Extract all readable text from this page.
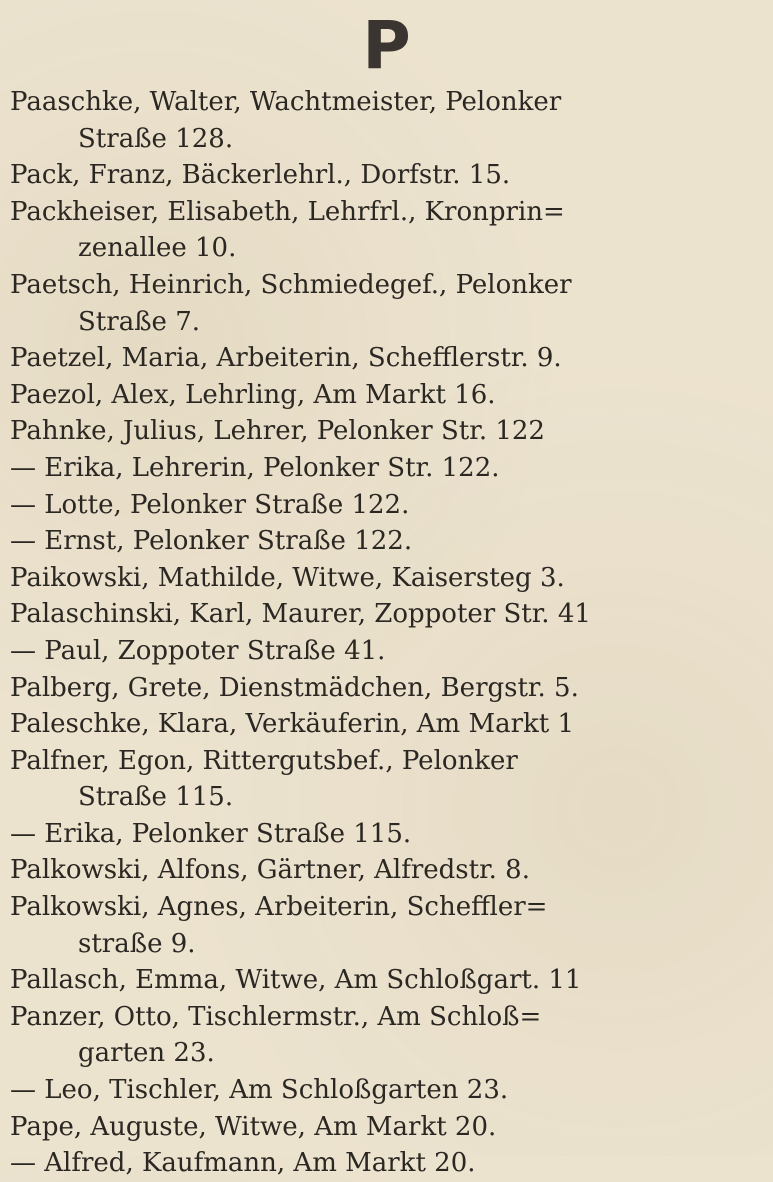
P
Paaschke, Walter, Wachtmeister, Pelonker
Straße 128.
Pack, Franz, Bäckerlehrl., Dorfstr. 15.
Packheiser, Elisabeth, Lehrfrl., Kronprin=
zenallee 10.
Paetsch, Heinrich, Schmiedegef., Pelonker
Straße 7.
Paetzel, Maria, Arbeiterin, Schefflerstr. 9.
Paezol, Alex, Lehrling, Am Markt 16.
Pahnke, Julius, Lehrer, Pelonker Str. 122
— Erika, Lehrerin, Pelonker Str. 122.
— Lotte, Pelonker Straße 122.
— Ernst, Pelonker Straße 122.
Paikowski, Mathilde, Witwe, Kaisersteg 3.
Palaschinski, Karl, Maurer, Zoppoter Str. 41
— Paul, Zoppoter Straße 41.
Palberg, Grete, Dienstmädchen, Bergstr. 5.
Paleschke, Klara, Verkäuferin, Am Markt 1
Palfner, Egon, Rittergutsbef., Pelonker
Straße 115.
— Erika, Pelonker Straße 115.
Palkowski, Alfons, Gärtner, Alfredstr. 8.
Palkowski, Agnes, Arbeiterin, Scheffler=
straße 9.
Pallasch, Emma, Witwe, Am Schloßgart. 11
Panzer, Otto, Tischlermstr., Am Schloß=
garten 23.
— Leo, Tischler, Am Schloßgarten 23.
Pape, Auguste, Witwe, Am Markt 20.
— Alfred, Kaufmann, Am Markt 20.
